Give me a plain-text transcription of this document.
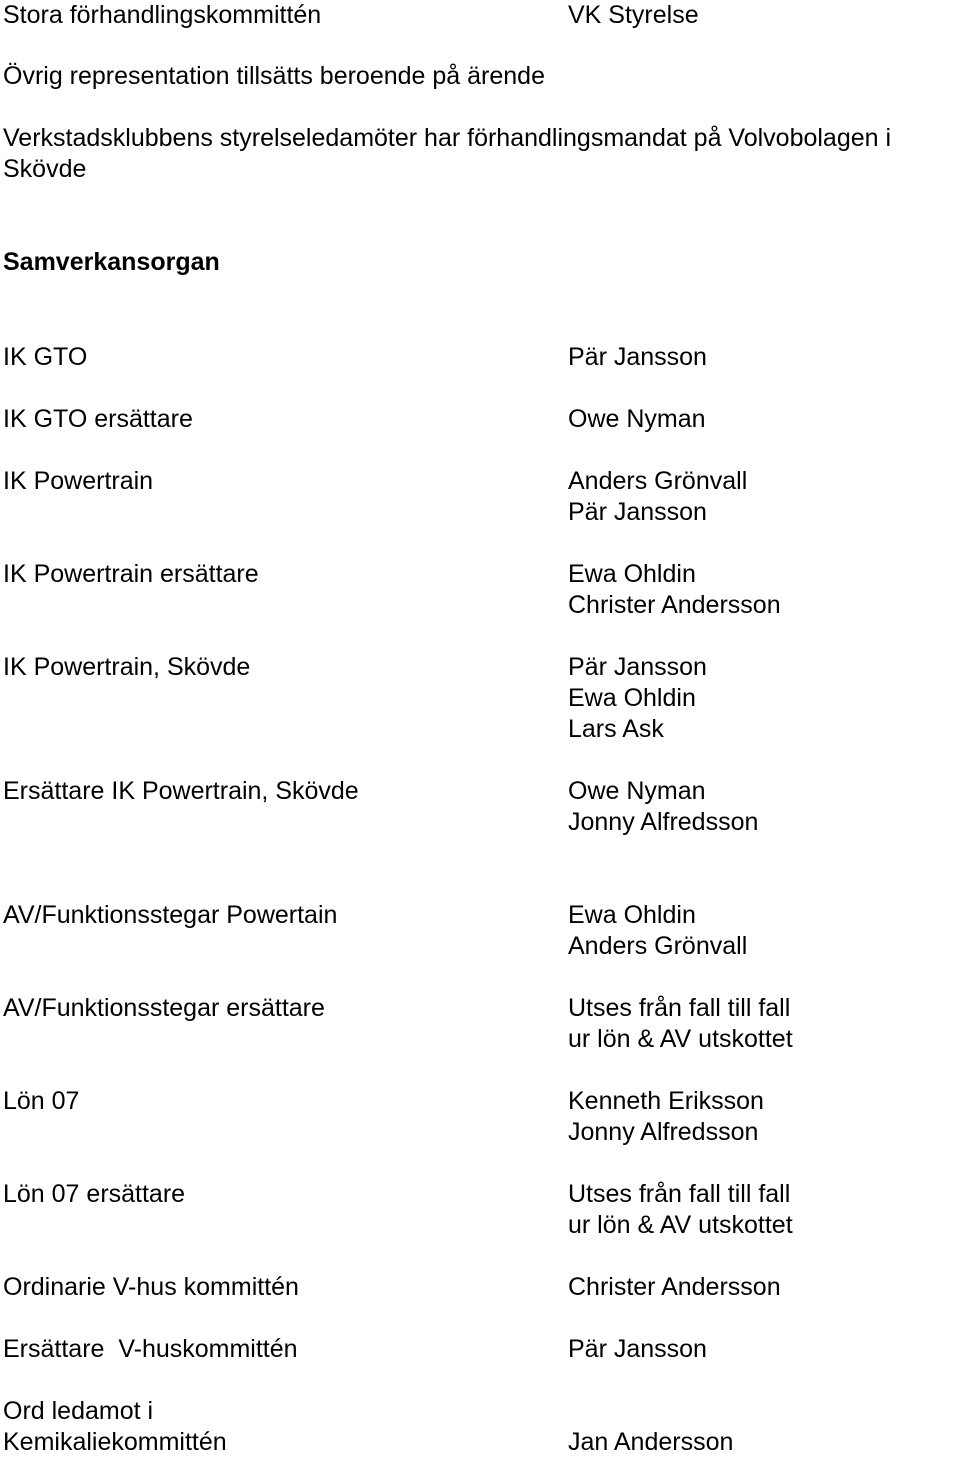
Stora förhandlingskommittén	VK Styrelse
Övrig representation tillsätts beroende på ärende
Verkstadsklubbens styrelseledamöter har förhandlingsmandat på Volvobolagen i
Skövde
Samverkansorgan
IK GTO	Pär Jansson
IK GTO ersättare	Owe Nyman
IK Powertrain	Anders Grönvall
Pär Jansson
IK Powertrain ersättare	Ewa Ohldin
Christer Andersson
IK Powertrain, Skövde	Pär Jansson
Ewa Ohldin
Lars Ask
Ersättare IK Powertrain, Skövde	Owe Nyman
Jonny Alfredsson
AV/Funktionsstegar Powertain	Ewa Ohldin
Anders Grönvall
AV/Funktionsstegar ersättare	Utses från fall till fall
ur lön & AV utskottet
Lön 07	Kenneth Eriksson
Jonny Alfredsson
Lön 07 ersättare	Utses från fall till fall
ur lön & AV utskottet
Ordinarie V-hus kommittén	Christer Andersson
Ersättare  V-huskommittén	Pär Jansson
Ord ledamot i
Kemikaliekommittén	Jan Andersson
